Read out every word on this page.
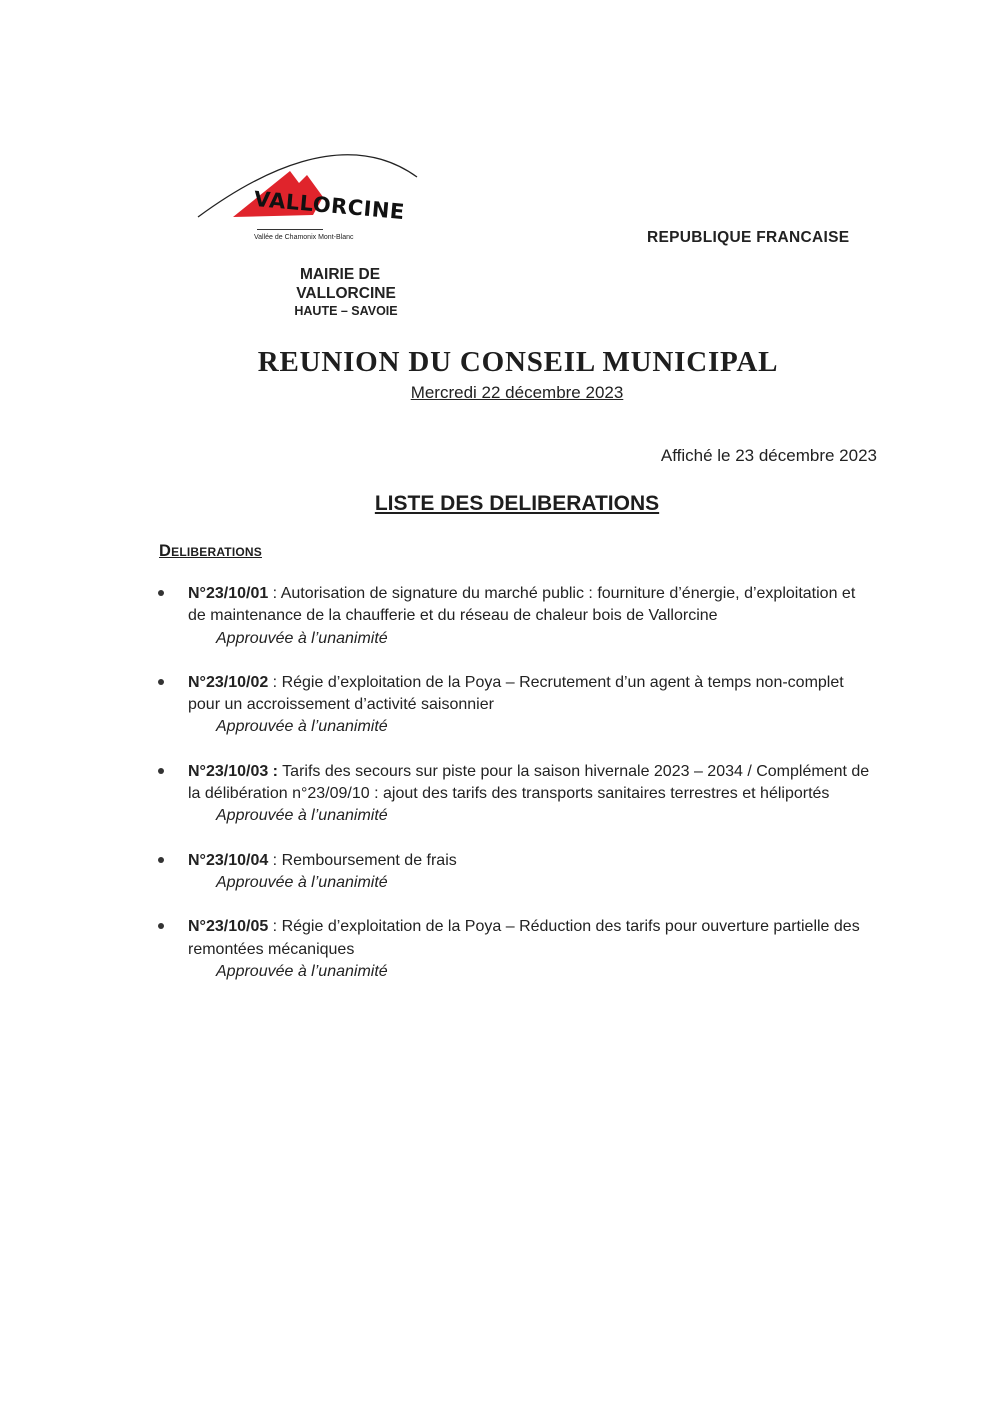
VALLORCINE
Vallée de Chamonix Mont-Blanc	REPUBLIQUE FRANCAISE
MAIRIE DE
VALLORCINE
HAUTE – SAVOIE
REUNION DU CONSEIL MUNICIPAL
Mercredi 22 décembre 2023
Affiché le 23 décembre 2023
LISTE DES DELIBERATIONS
Deliberations
N°23/10/01 : Autorisation de signature du marché public : fourniture d’énergie, d’exploitation et de maintenance de la chaufferie et du réseau de chaleur bois de Vallorcine
Approuvée à l’unanimité
N°23/10/02 : Régie d’exploitation de la Poya – Recrutement d’un agent à temps non-complet pour un accroissement d’activité saisonnier
Approuvée à l’unanimité
N°23/10/03 : Tarifs des secours sur piste pour la saison hivernale 2023 – 2034 / Complément de la délibération n°23/09/10 : ajout des tarifs des transports sanitaires terrestres et héliportés
Approuvée à l’unanimité
N°23/10/04 : Remboursement de frais
Approuvée à l’unanimité
N°23/10/05 : Régie d’exploitation de la Poya – Réduction des tarifs pour ouverture partielle des remontées mécaniques
Approuvée à l’unanimité
